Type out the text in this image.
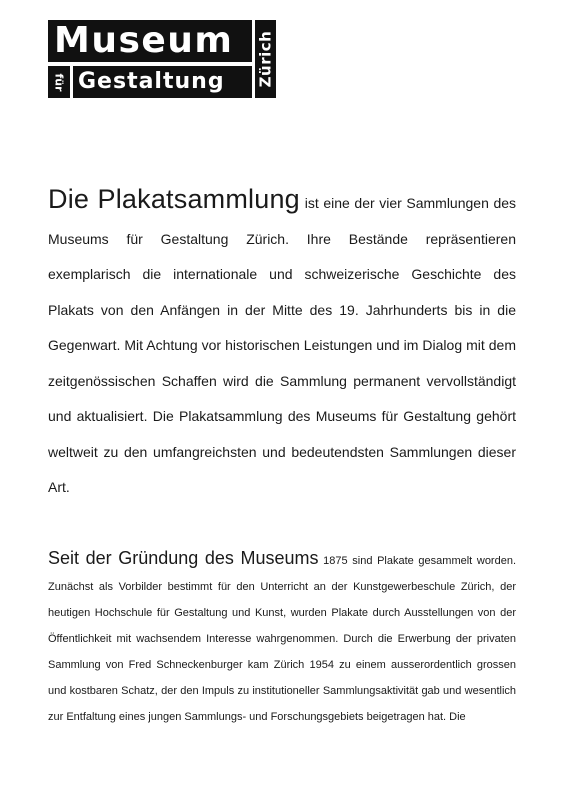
Museum
für Gestaltung	Zürich

Die Plakatsammlung ist eine der vier Sammlungen des Museums für Gestaltung Zürich. Ihre Bestände repräsentieren exemplarisch die internationale und schweizerische Geschichte des Plakats von den Anfängen in der Mitte des 19. Jahrhunderts bis in die Gegenwart. Mit Achtung vor historischen Leistungen und im Dialog mit dem zeitgenössischen Schaffen wird die Sammlung permanent vervollständigt und aktualisiert. Die Plakatsammlung des Museums für Gestaltung gehört weltweit zu den umfangreichsten und bedeutendsten Sammlungen dieser Art.

Seit der Gründung des Museums 1875 sind Plakate gesammelt worden. Zunächst als Vorbilder bestimmt für den Unterricht an der Kunstgewerbeschule Zürich, der heutigen Hochschule für Gestaltung und Kunst, wurden Plakate durch Ausstellungen von der Öffentlichkeit mit wachsendem Interesse wahrgenommen. Durch die Erwerbung der privaten Sammlung von Fred Schneckenburger kam Zürich 1954 zu einem ausserordentlich grossen und kostbaren Schatz, der den Impuls zu institutioneller Sammlungsaktivität gab und wesentlich zur Entfaltung eines jungen Sammlungs- und Forschungsgebiets beigetragen hat. Die
